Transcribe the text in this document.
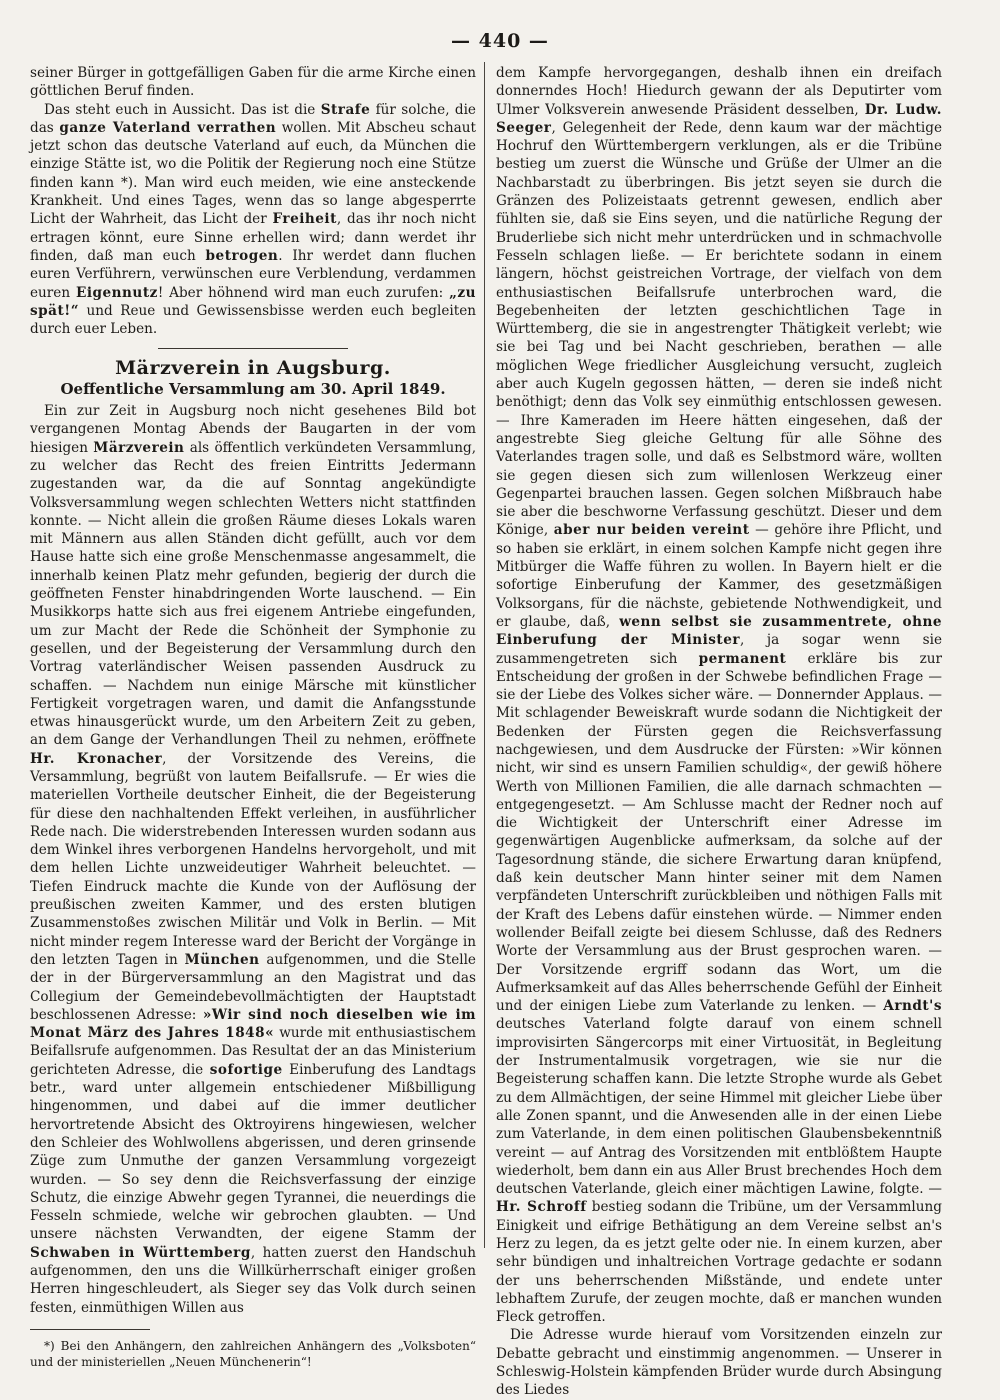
— 440 —

seiner Bürger in gottgefälligen Gaben für die arme Kirche einen göttlichen Beruf finden.

Das steht euch in Aussicht. Das ist die Strafe für solche, die das ganze Vaterland verrathen wollen. Mit Abscheu schaut jetzt schon das deutsche Vaterland auf euch, da München die einzige Stätte ist, wo die Politik der Regierung noch eine Stütze finden kann *). Man wird euch meiden, wie eine ansteckende Krankheit. Und eines Tages, wenn das so lange abgesperrte Licht der Wahrheit, das Licht der Freiheit, das ihr noch nicht ertragen könnt, eure Sinne erhellen wird; dann werdet ihr finden, daß man euch betrogen. Ihr werdet dann fluchen euren Verführern, verwünschen eure Verblendung, verdammen euren Eigennutz! Aber höhnend wird man euch zurufen: „zu spät!“ und Reue und Gewissensbisse werden euch begleiten durch euer Leben.

Märzverein in Augsburg.
Oeffentliche Versammlung am 30. April 1849.

Ein zur Zeit in Augsburg noch nicht gesehenes Bild bot vergangenen Montag Abends der Baugarten in der vom hiesigen Märzverein als öffentlich verkündeten Versammlung, zu welcher das Recht des freien Eintritts Jedermann zugestanden war, da die auf Sonntag angekündigte Volksversammlung wegen schlechten Wetters nicht stattfinden konnte. — Nicht allein die großen Räume dieses Lokals waren mit Männern aus allen Ständen dicht gefüllt, auch vor dem Hause hatte sich eine große Menschenmasse angesammelt, die innerhalb keinen Platz mehr gefunden, begierig der durch die geöffneten Fenster hinabdringenden Worte lauschend. — Ein Musikkorps hatte sich aus frei eigenem Antriebe eingefunden, um zur Macht der Rede die Schönheit der Symphonie zu gesellen, und der Begeisterung der Versammlung durch den Vortrag vaterländischer Weisen passenden Ausdruck zu schaffen. — Nachdem nun einige Märsche mit künstlicher Fertigkeit vorgetragen waren, und damit die Anfangsstunde etwas hinausgerückt wurde, um den Arbeitern Zeit zu geben, an dem Gange der Verhandlungen Theil zu nehmen, eröffnete Hr. Kronacher, der Vorsitzende des Vereins, die Versammlung, begrüßt von lautem Beifallsrufe. — Er wies die materiellen Vortheile deutscher Einheit, die der Begeisterung für diese den nachhaltenden Effekt verleihen, in ausführlicher Rede nach. Die widerstrebenden Interessen wurden sodann aus dem Winkel ihres verborgenen Handelns hervorgeholt, und mit dem hellen Lichte unzweideutiger Wahrheit beleuchtet. — Tiefen Eindruck machte die Kunde von der Auflösung der preußischen zweiten Kammer, und des ersten blutigen Zusammenstoßes zwischen Militär und Volk in Berlin. — Mit nicht minder regem Interesse ward der Bericht der Vorgänge in den letzten Tagen in München aufgenommen, und die Stelle der in der Bürgerversammlung an den Magistrat und das Collegium der Gemeindebevollmächtigten der Hauptstadt beschlossenen Adresse: »Wir sind noch dieselben wie im Monat März des Jahres 1848« wurde mit enthusiastischem Beifallsrufe aufgenommen. Das Resultat der an das Ministerium gerichteten Adresse, die sofortige Einberufung des Landtags betr., ward unter allgemein entschiedener Mißbilligung hingenommen, und dabei auf die immer deutlicher hervortretende Absicht des Oktroyirens hingewiesen, welcher den Schleier des Wohlwollens abgerissen, und deren grinsende Züge zum Unmuthe der ganzen Versammlung vorgezeigt wurden. — So sey denn die Reichsverfassung der einzige Schutz, die einzige Abwehr gegen Tyrannei, die neuerdings die Fesseln schmiede, welche wir gebrochen glaubten. — Und unsere nächsten Verwandten, der eigene Stamm der Schwaben in Württemberg, hatten zuerst den Handschuh aufgenommen, den uns die Willkürherrschaft einiger großen Herren hingeschleudert, als Sieger sey das Volk durch seinen festen, einmüthigen Willen aus

*) Bei den Anhängern, den zahlreichen Anhängern des „Volksboten“ und der ministeriellen „Neuen Münchenerin“!

dem Kampfe hervorgegangen, deshalb ihnen ein dreifach donnerndes Hoch! Hiedurch gewann der als Deputirter vom Ulmer Volksverein anwesende Präsident desselben, Dr. Ludw. Seeger, Gelegenheit der Rede, denn kaum war der mächtige Hochruf den Württembergern verklungen, als er die Tribüne bestieg um zuerst die Wünsche und Grüße der Ulmer an die Nachbarstadt zu überbringen. Bis jetzt seyen sie durch die Gränzen des Polizeistaats getrennt gewesen, endlich aber fühlten sie, daß sie Eins seyen, und die natürliche Regung der Bruderliebe sich nicht mehr unterdrücken und in schmachvolle Fesseln schlagen ließe. — Er berichtete sodann in einem längern, höchst geistreichen Vortrage, der vielfach von dem enthusiastischen Beifallsrufe unterbrochen ward, die Begebenheiten der letzten geschichtlichen Tage in Württemberg, die sie in angestrengter Thätigkeit verlebt; wie sie bei Tag und bei Nacht geschrieben, berathen — alle möglichen Wege friedlicher Ausgleichung versucht, zugleich aber auch Kugeln gegossen hätten, — deren sie indeß nicht benöthigt; denn das Volk sey einmüthig entschlossen gewesen. — Ihre Kameraden im Heere hätten eingesehen, daß der angestrebte Sieg gleiche Geltung für alle Söhne des Vaterlandes tragen solle, und daß es Selbstmord wäre, wollten sie gegen diesen sich zum willenlosen Werkzeug einer Gegenpartei brauchen lassen. Gegen solchen Mißbrauch habe sie aber die beschworne Verfassung geschützt. Dieser und dem Könige, aber nur beiden vereint — gehöre ihre Pflicht, und so haben sie erklärt, in einem solchen Kampfe nicht gegen ihre Mitbürger die Waffe führen zu wollen. In Bayern hielt er die sofortige Einberufung der Kammer, des gesetzmäßigen Volksorgans, für die nächste, gebietende Nothwendigkeit, und er glaube, daß, wenn selbst sie zusammentrete, ohne Einberufung der Minister, ja sogar wenn sie zusammengetreten sich permanent erkläre bis zur Entscheidung der großen in der Schwebe befindlichen Frage — sie der Liebe des Volkes sicher wäre. — Donnernder Applaus. — Mit schlagender Beweiskraft wurde sodann die Nichtigkeit der Bedenken der Fürsten gegen die Reichsverfassung nachgewiesen, und dem Ausdrucke der Fürsten: »Wir können nicht, wir sind es unsern Familien schuldig«, der gewiß höhere Werth von Millionen Familien, die alle darnach schmachten — entgegengesetzt. — Am Schlusse macht der Redner noch auf die Wichtigkeit der Unterschrift einer Adresse im gegenwärtigen Augenblicke aufmerksam, da solche auf der Tagesordnung stände, die sichere Erwartung daran knüpfend, daß kein deutscher Mann hinter seiner mit dem Namen verpfändeten Unterschrift zurückbleiben und nöthigen Falls mit der Kraft des Lebens dafür einstehen würde. — Nimmer enden wollender Beifall zeigte bei diesem Schlusse, daß des Redners Worte der Versammlung aus der Brust gesprochen waren. — Der Vorsitzende ergriff sodann das Wort, um die Aufmerksamkeit auf das Alles beherrschende Gefühl der Einheit und der einigen Liebe zum Vaterlande zu lenken. — Arndt's deutsches Vaterland folgte darauf von einem schnell improvisirten Sängercorps mit einer Virtuosität, in Begleitung der Instrumentalmusik vorgetragen, wie sie nur die Begeisterung schaffen kann. Die letzte Strophe wurde als Gebet zu dem Allmächtigen, der seine Himmel mit gleicher Liebe über alle Zonen spannt, und die Anwesenden alle in der einen Liebe zum Vaterlande, in dem einen politischen Glaubensbekenntniß vereint — auf Antrag des Vorsitzenden mit entblößtem Haupte wiederholt, bem dann ein aus Aller Brust brechendes Hoch dem deutschen Vaterlande, gleich einer mächtigen Lawine, folgte. — Hr. Schroff bestieg sodann die Tribüne, um der Versammlung Einigkeit und eifrige Bethätigung an dem Vereine selbst an's Herz zu legen, da es jetzt gelte oder nie. In einem kurzen, aber sehr bündigen und inhaltreichen Vortrage gedachte er sodann der uns beherrschenden Mißstände, und endete unter lebhaftem Zurufe, der zeugen mochte, daß er manchen wunden Fleck getroffen.

Die Adresse wurde hierauf vom Vorsitzenden einzeln zur Debatte gebracht und einstimmig angenommen. — Unserer in Schleswig-Holstein kämpfenden Brüder wurde durch Absingung des Liedes
